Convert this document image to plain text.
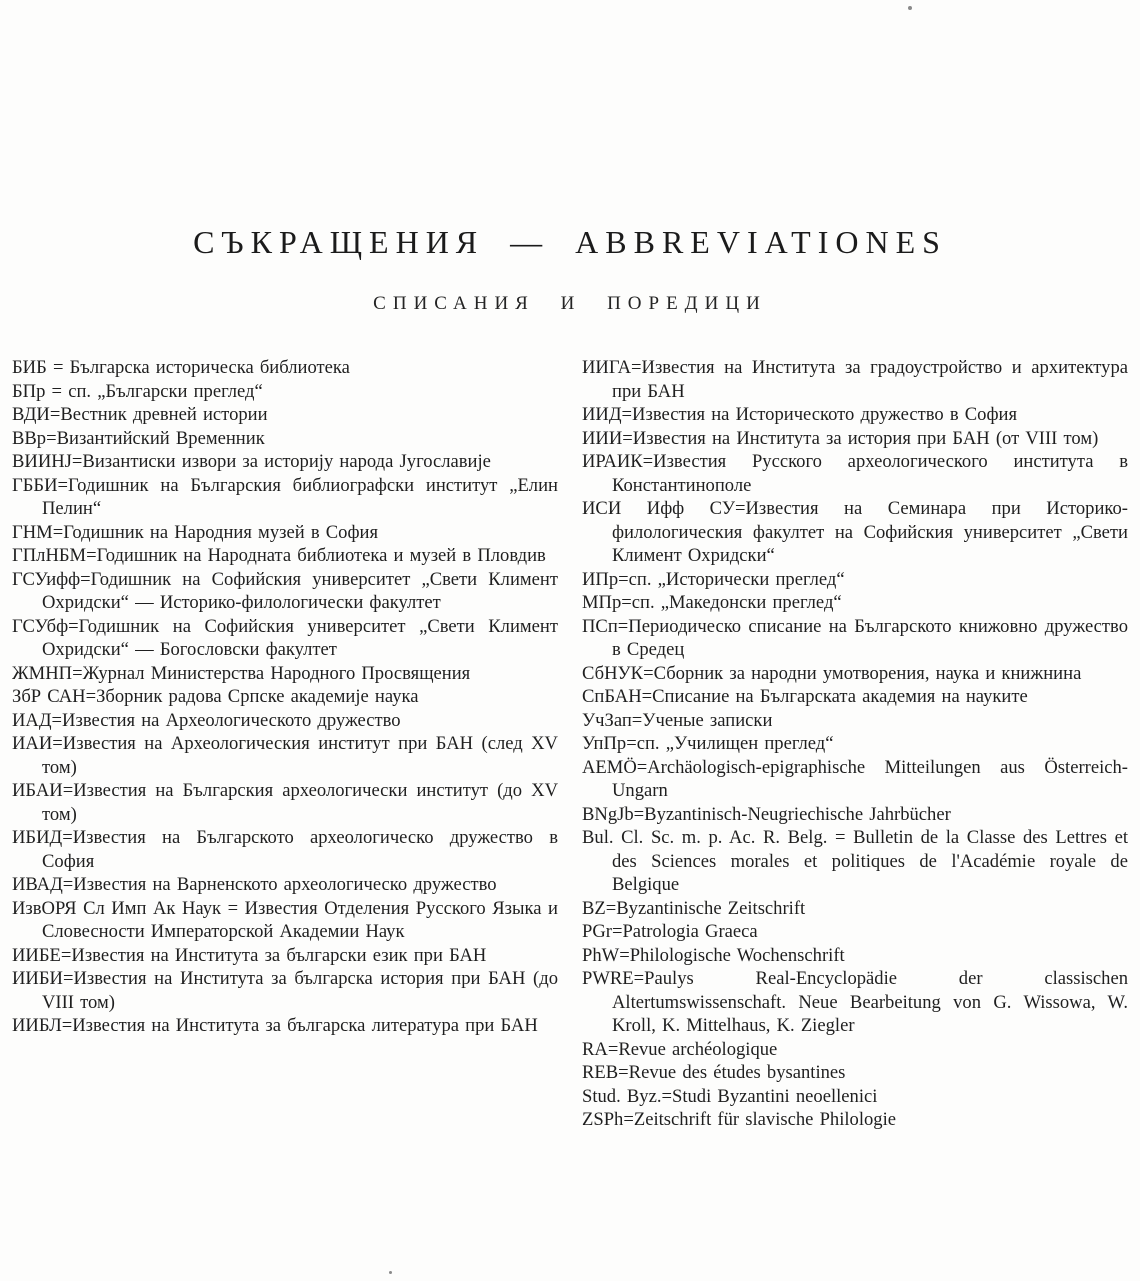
СЪКРАЩЕНИЯ — ABBREVIATIONES
СПИСАНИЯ И ПОРЕДИЦИ
БИБ = Българска историческа библиотека
БПр = сп. „Български преглед“
ВДИ=Вестник древней истории
ВВр=Византийский Временник
ВИИНЈ=Византиски извори за историју народа Југославије
ГББИ=Годишник на Българския библиографски институт „Елин Пелин“
ГНМ=Годишник на Народния музей в София
ГПлНБМ=Годишник на Народната библиотека и музей в Пловдив
ГСУифф=Годишник на Софийския университет „Свети Климент Охридски“ — Историко-филологически факултет
ГСУбф=Годишник на Софийския университет „Свети Климент Охридски“ — Богословски факултет
ЖМНП=Журнал Министерства Народного Просвящения
ЗбР САН=Зборник радова Српске академије наука
ИАД=Известия на Археологическото дружество
ИАИ=Известия на Археологическия институт при БАН (след XV том)
ИБАИ=Известия на Българския археологически институт (до XV том)
ИБИД=Известия на Българското археологическо дружество в София
ИВАД=Известия на Варненското археологическо дружество
ИзвОРЯ Сл Имп Ак Наук = Известия Отделения Русского Языка и Словесности Императорской Академии Наук
ИИБЕ=Известия на Института за български език при БАН
ИИБИ=Известия на Института за българска история при БАН (до VIII том)
ИИБЛ=Известия на Института за българска литература при БАН
ИИГА=Известия на Института за градоустройство и архитектура при БАН
ИИД=Известия на Историческото дружество в София
ИИИ=Известия на Института за история при БАН (от VIII том)
ИРАИК=Известия Русского археологического института в Константинополе
ИСИ Ифф СУ=Известия на Семинара при Историко-филологическия факултет на Софийския университет „Свети Климент Охридски“
ИПр=сп. „Исторически преглед“
МПр=сп. „Македонски преглед“
ПСп=Периодическо списание на Българското книжовно дружество в Средец
СбНУК=Сборник за народни умотворения, наука и книжнина
СпБАН=Списание на Българската академия на науките
УчЗап=Ученые записки
УпПр=сп. „Училищен преглед“
AEMÖ=Archäologisch-epigraphische Mitteilungen aus Österreich-Ungarn
BNgJb=Byzantinisch-Neugriechische Jahrbücher
Bul. Cl. Sc. m. p. Ac. R. Belg. = Bulletin de la Classe des Lettres et des Sciences morales et politiques de l'Académie royale de Belgique
BZ=Byzantinische Zeitschrift
PGr=Patrologia Graeca
PhW=Philologische Wochenschrift
PWRE=Paulys Real-Encyclopädie der classischen Altertumswissenschaft. Neue Bearbeitung von G. Wissowa, W. Kroll, K. Mittelhaus, K. Ziegler
RA=Revue archéologique
REB=Revue des études bysantines
Stud. Byz.=Studi Byzantini neoellenici
ZSPh=Zeitschrift für slavische Philologie
